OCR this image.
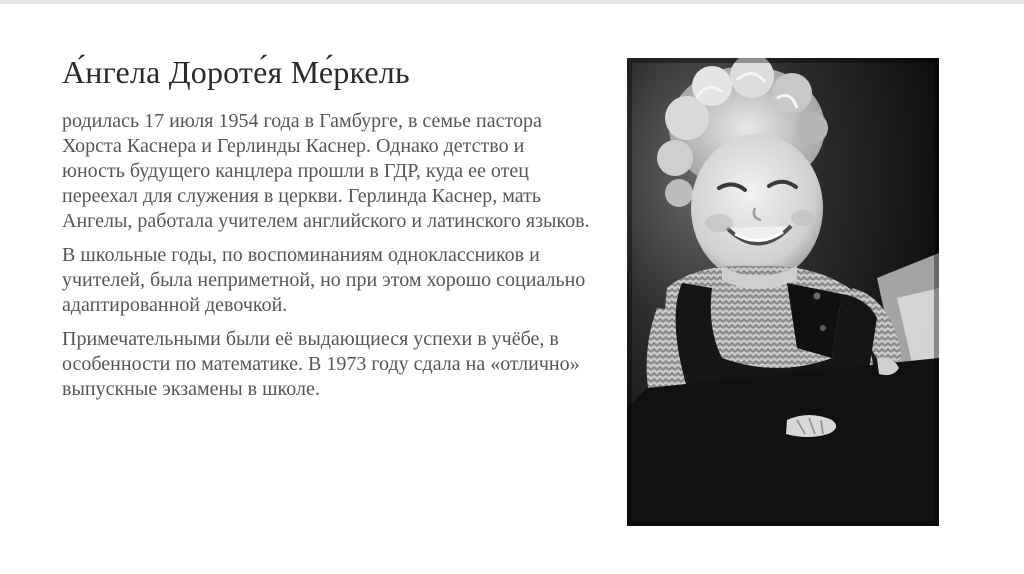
А́нгела Дороте́я Ме́ркель

родилась 17 июля 1954 года в Гамбурге, в семье пастора Хорста Каснера и Герлинды Каснер. Однако детство и юность будущего канцлера прошли в ГДР, куда ее отец переехал для служения в церкви. Герлинда Каснер, мать Ангелы, работала учителем английского и латинского языков.

В школьные годы, по воспоминаниям одноклассников и учителей, была неприметной, но при этом хорошо социально адаптированной девочкой.

Примечательными были её выдающиеся успехи в учёбе, в особенности по математике. В 1973 году сдала на «отлично» выпускные экзамены в школе.
